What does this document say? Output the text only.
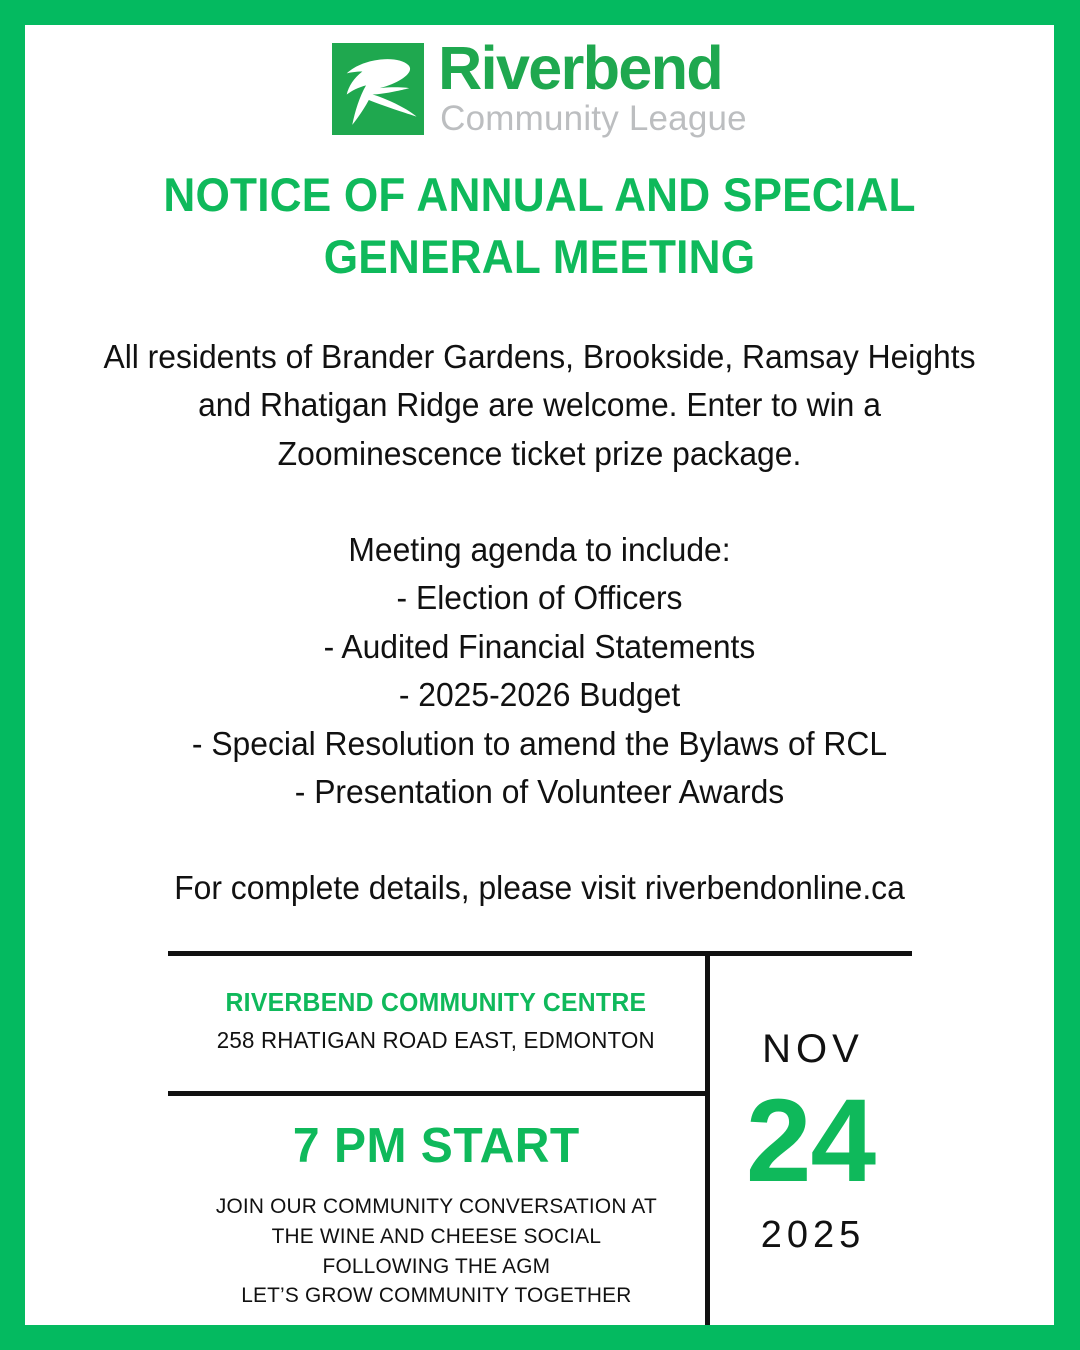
Riverbend
Community League
NOTICE OF ANNUAL AND SPECIAL
GENERAL MEETING

All residents of Brander Gardens, Brookside, Ramsay Heights and Rhatigan Ridge are welcome. Enter to win a Zoominescence ticket prize package.

Meeting agenda to include:
- Election of Officers
- Audited Financial Statements
- 2025-2026 Budget
- Special Resolution to amend the Bylaws of RCL
- Presentation of Volunteer Awards

For complete details, please visit riverbendonline.ca

RIVERBEND COMMUNITY CENTRE
258 RHATIGAN ROAD EAST, EDMONTON
7 PM START
JOIN OUR COMMUNITY CONVERSATION AT
THE WINE AND CHEESE SOCIAL
FOLLOWING THE AGM
LET’S GROW COMMUNITY TOGETHER
NOV
24
2025
